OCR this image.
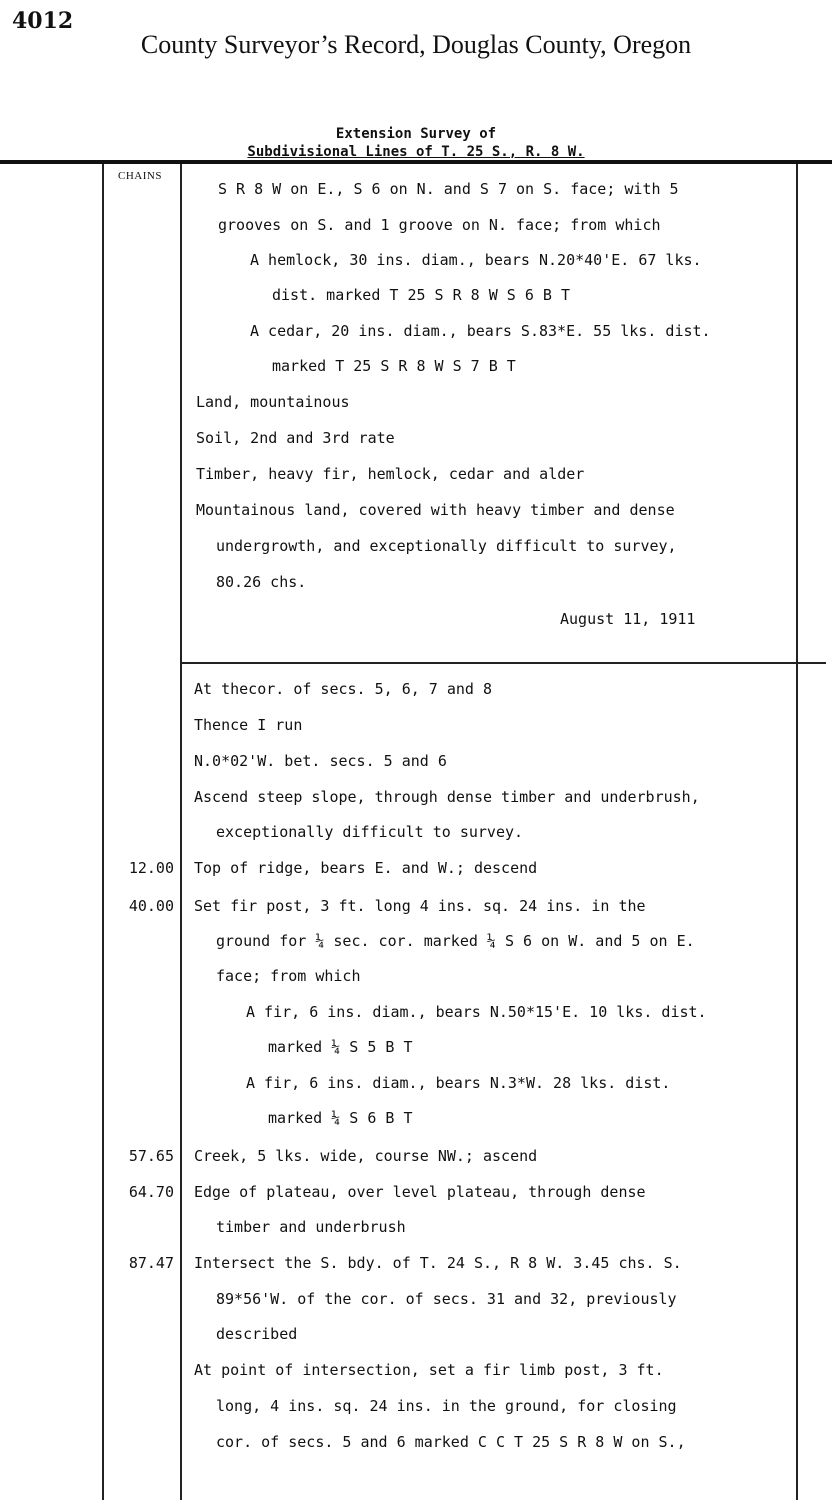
4012
County Surveyor’s Record, Douglas County, Oregon
Extension Survey of
Subdivisional Lines of T. 25 S., R. 8 W.
CHAINS
S R 8 W on E., S 6 on N. and S 7 on S. face; with 5
grooves on S. and 1 groove on N. face; from which
A hemlock, 30 ins. diam., bears N.20*40'E. 67 lks.
dist. marked T 25 S R 8 W S 6 B T
A cedar, 20 ins. diam., bears S.83*E. 55 lks. dist.
marked T 25 S R 8 W S 7 B T
Land, mountainous
Soil, 2nd and 3rd rate
Timber, heavy fir, hemlock, cedar and alder
Mountainous land, covered with heavy timber and dense
undergrowth, and exceptionally difficult to survey,
80.26 chs.
August 11, 1911
At thecor. of secs. 5, 6, 7 and 8
Thence I run
N.0*02'W. bet. secs. 5 and 6
Ascend steep slope, through dense timber and underbrush,
exceptionally difficult to survey.
12.00 Top of ridge, bears E. and W.; descend
40.00 Set fir post, 3 ft. long 4 ins. sq. 24 ins. in the
ground for ¼ sec. cor. marked ¼ S 6 on W. and 5 on E.
face; from which
A fir, 6 ins. diam., bears N.50*15'E. 10 lks. dist.
marked ¼ S 5 B T
A fir, 6 ins. diam., bears N.3*W. 28 lks. dist.
marked ¼ S 6 B T
57.65 Creek, 5 lks. wide, course NW.; ascend
64.70 Edge of plateau, over level plateau, through dense
timber and underbrush
87.47 Intersect the S. bdy. of T. 24 S., R 8 W. 3.45 chs. S.
89*56'W. of the cor. of secs. 31 and 32, previously
described
At point of intersection, set a fir limb post, 3 ft.
long, 4 ins. sq. 24 ins. in the ground, for closing
cor. of secs. 5 and 6 marked C C T 25 S R 8 W on S.,
